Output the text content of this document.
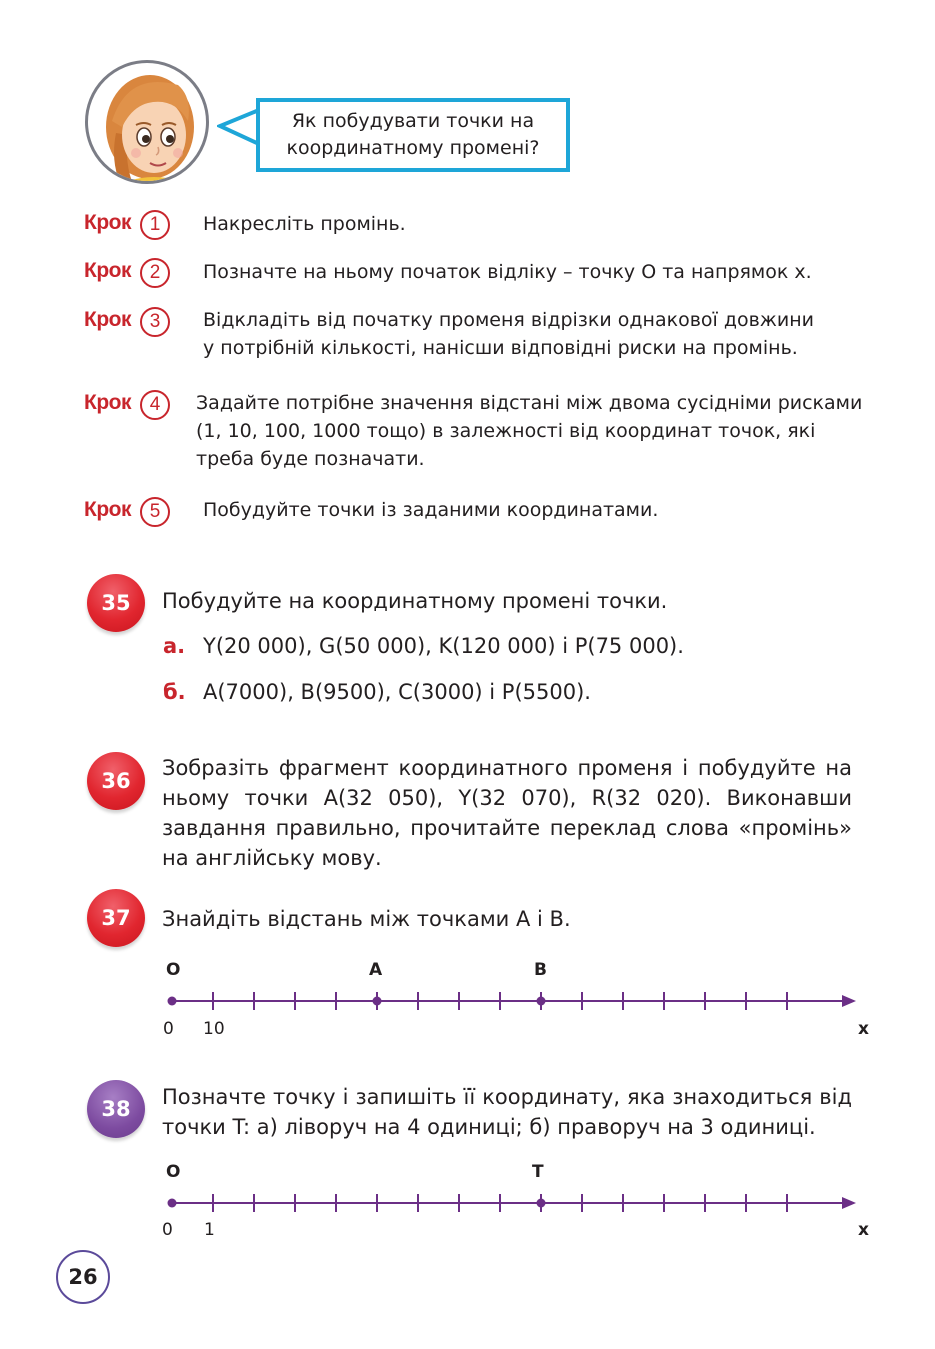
Як побудувати точки на
координатному промені?
Крок 1	Накресліть промінь.
Крок 2	Позначте на ньому початок відліку – точку О та напрямок x.
Крок 3	Відкладіть від початку променя відрізки однакової довжини
у потрібній кількості, нанісши відповідні риски на промінь.
Крок 4	Задайте потрібне значення відстані між двома сусідніми рисками
(1, 10, 100, 1000 тощо) в залежності від координат точок, які
треба буде позначати.
Крок 5	Побудуйте точки із заданими координатами.
35	Побудуйте на координатному промені точки.
а. Y(20 000), G(50 000), K(120 000) і P(75 000).
б. A(7000), B(9500), C(3000) і P(5500).
36
Зобразіть фрагмент координатного променя і побудуйте на ньому точки A(32 050), Y(32 070), R(32 020). Виконавши завдання правильно, прочитайте переклад слова «промінь» на англійську мову.
37	Знайдіть відстань між точками A і B.
O	A	B
0 10	x
38	Позначте точку і запишіть її координату, яка знаходиться від точки T: а) ліворуч на 4 одиниці; б) праворуч на 3 одиниці.
O	T
0 1	x
26
